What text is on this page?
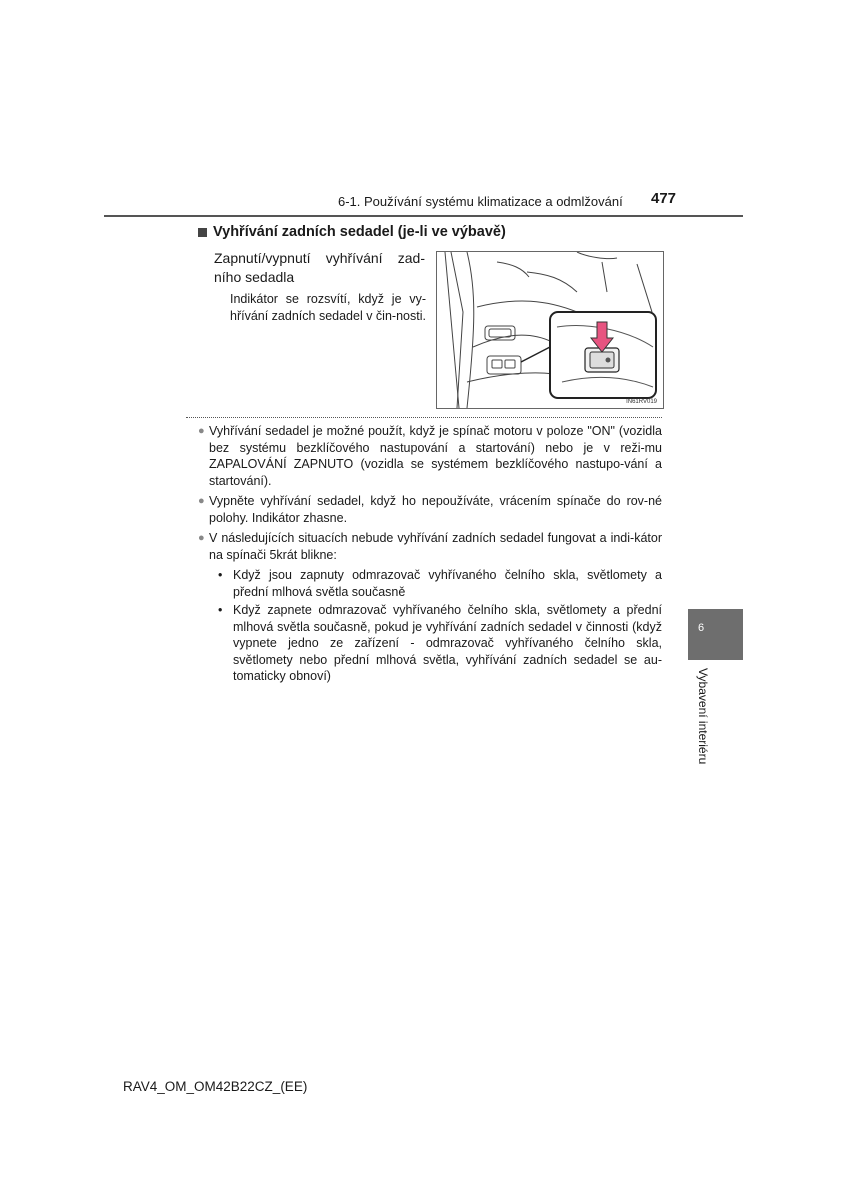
6-1. Používání systému klimatizace a odmlžování 477
Vyhřívání zadních sedadel (je-li ve výbavě)
Zapnutí/vypnutí vyhřívání zad-ního sedadla
Indikátor se rozsvítí, když je vy-hřívání zadních sedadel v čin-nosti.
IN61RV019
● Vyhřívání sedadel je možné použít, když je spínač motoru v poloze "ON" (vozidla bez systému bezklíčového nastupování a startování) nebo je v reži-mu ZAPALOVÁNÍ ZAPNUTO (vozidla se systémem bezklíčového nastupo-vání a startování).
● Vypněte vyhřívání sedadel, když ho nepoužíváte, vrácením spínače do rov-né polohy. Indikátor zhasne.
● V následujících situacích nebude vyhřívání zadních sedadel fungovat a indi-kátor na spínači 5krát blikne:
• Když jsou zapnuty odmrazovač vyhřívaného čelního skla, světlomety a přední mlhová světla současně
• Když zapnete odmrazovač vyhřívaného čelního skla, světlomety a přední mlhová světla současně, pokud je vyhřívání zadních sedadel v činnosti (když vypnete jedno ze zařízení - odmrazovač vyhřívaného čelního skla, světlomety nebo přední mlhová světla, vyhřívání zadních sedadel se au-tomaticky obnoví)
6
Vybavení interiéru
RAV4_OM_OM42B22CZ_(EE)
